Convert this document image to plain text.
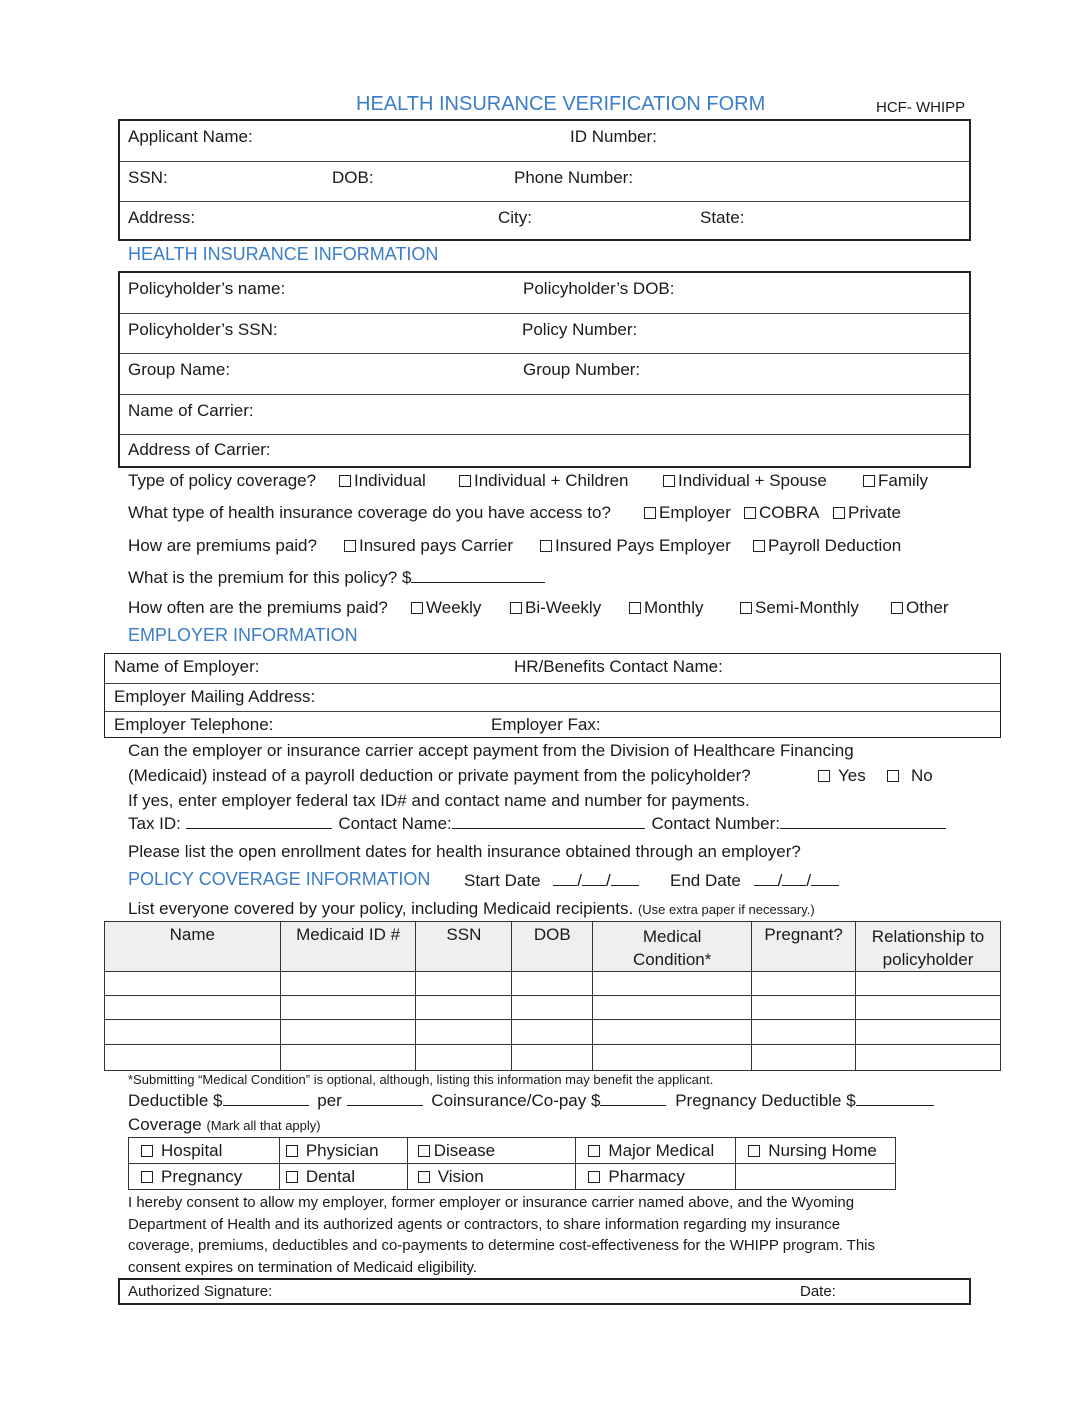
HEALTH INSURANCE VERIFICATION FORM	HCF- WHIPP
Applicant Name:	ID Number:
SSN:	DOB:	Phone Number:
Address:	City:	State:
HEALTH INSURANCE INFORMATION
Policyholder’s name:	Policyholder’s DOB:
Policyholder’s SSN:	Policy Number:
Group Name:	Group Number:
Name of Carrier:
Address of Carrier:
Type of policy coverage?	Individual	Individual + Children	Individual + Spouse	Family
What type of health insurance coverage do you have access to?	Employer	COBRA	Private
How are premiums paid?	Insured pays Carrier	Insured Pays Employer	Payroll Deduction
What is the premium for this policy? $
How often are the premiums paid?	Weekly	Bi-Weekly	Monthly	Semi-Monthly	Other
EMPLOYER INFORMATION
Name of Employer:	HR/Benefits Contact Name:
Employer Mailing Address:
Employer Telephone:	Employer Fax:
Can the employer or insurance carrier accept payment from the Division of Healthcare Financing
(Medicaid) instead of a payroll deduction or private payment from the policyholder?	Yes	No
If yes, enter employer federal tax ID# and contact name and number for payments.
Tax ID:	Contact Name:	Contact Number:
Please list the open enrollment dates for health insurance obtained through an employer?
POLICY COVERAGE INFORMATION Start Date / /	End Date / /
List everyone covered by your policy, including Medicaid recipients. (Use extra paper if necessary.)
Name	Medicaid ID #	SSN	DOB	Medical Condition*	Pregnant?	Relationship to policyholder

*Submitting “Medical Condition” is optional, although, listing this information may benefit the applicant.
Deductible $	per	Coinsurance/Co-pay $	Pregnancy Deductible $
Coverage (Mark all that apply)
Hospital	Physician	Disease	Major Medical	Nursing Home
Pregnancy	Dental	Vision	Pharmacy	
I hereby consent to allow my employer, former employer or insurance carrier named above, and the Wyoming
Department of Health and its authorized agents or contractors, to share information regarding my insurance
coverage, premiums, deductibles and co-payments to determine cost-effectiveness for the WHIPP program. This
consent expires on termination of Medicaid eligibility.
Authorized Signature:	Date:
